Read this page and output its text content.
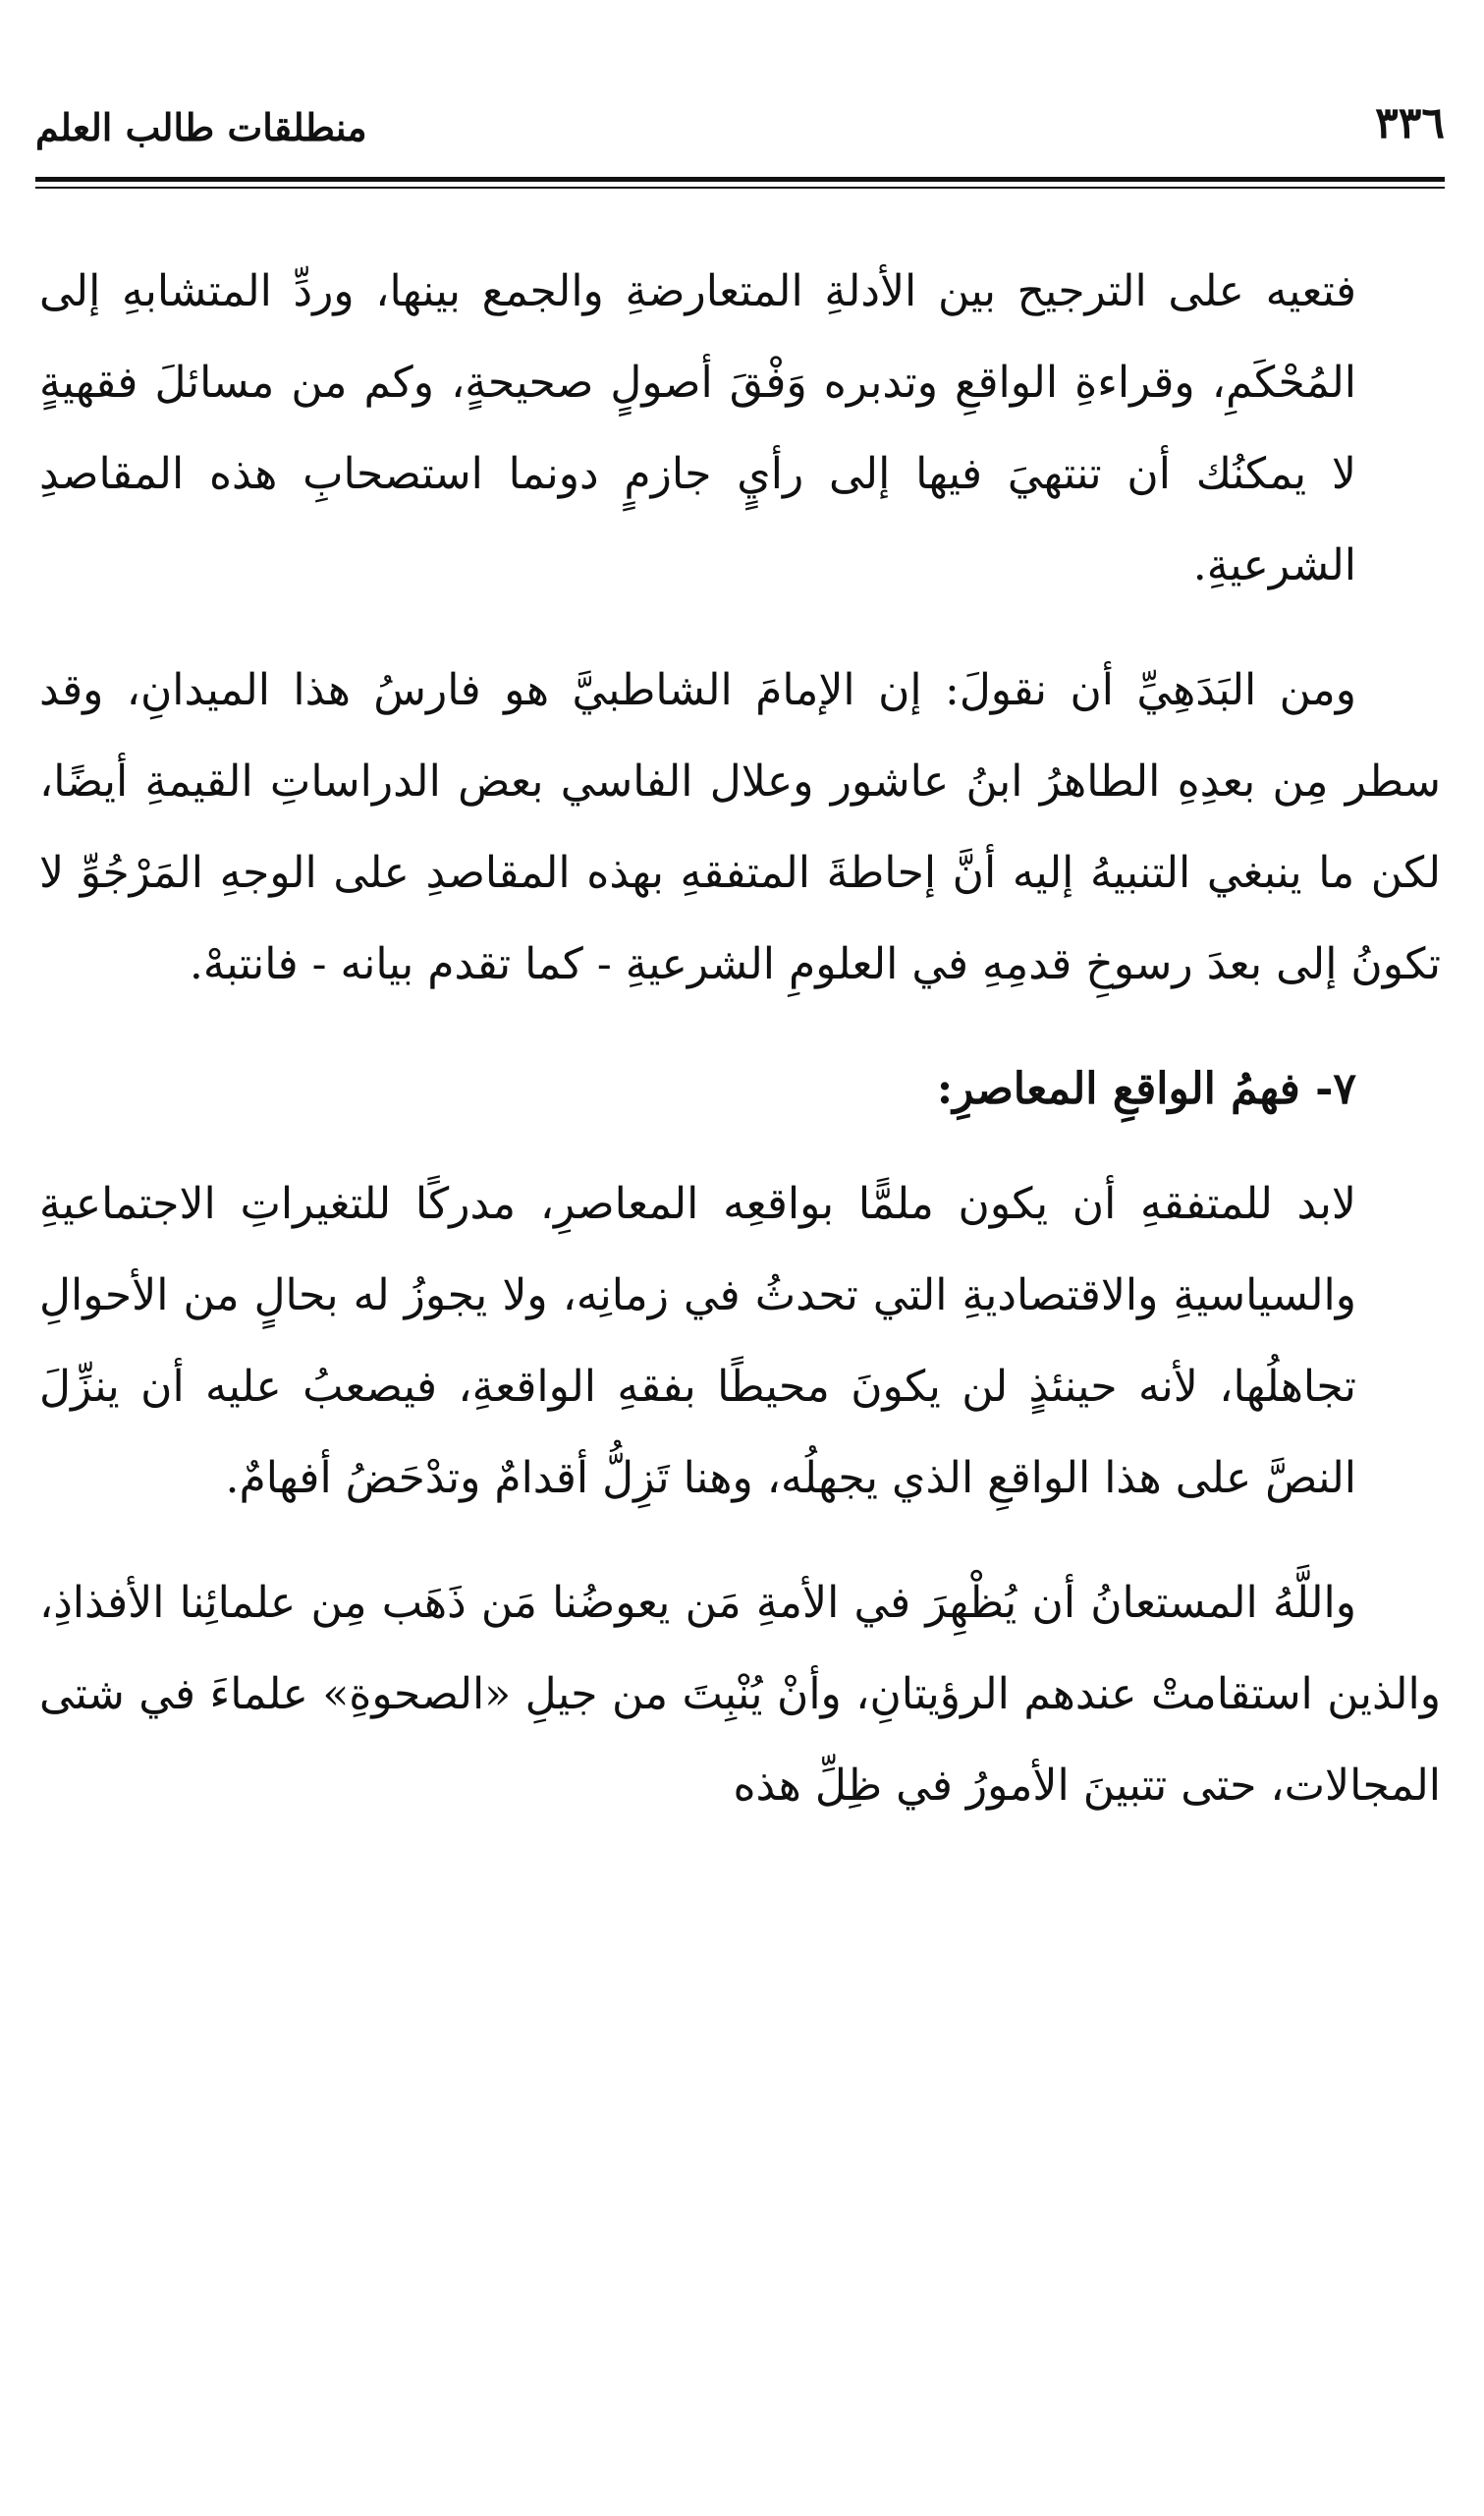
٣٣٦
منطلقات طالب العلم

فتعيه على الترجيح بين الأدلةِ المتعارضةِ والجمع بينها، وردِّ المتشابهِ إلى المُحْكَمِ، وقراءةِ الواقعِ وتدبره وَفْقَ أصولٍ صحيحةٍ، وكم من مسائلَ فقهيةٍ لا يمكنُك أن تنتهيَ فيها إلى رأيٍ جازمٍ دونما استصحابِ هذه المقاصدِ الشرعيةِ.

ومن البَدَهِيِّ أن نقولَ: إن الإمامَ الشاطبيَّ هو فارسُ هذا الميدانِ، وقد سطر مِن بعدِهِ الطاهرُ ابنُ عاشور وعلال الفاسي بعض الدراساتِ القيمةِ أيضًا، لكن ما ينبغي التنبيهُ إليه أنَّ إحاطةَ المتفقهِ بهذه المقاصدِ على الوجهِ المَرْجُوِّ لا تكونُ إلى بعدَ رسوخِ قدمِهِ في العلومِ الشرعيةِ - كما تقدم بيانه - فانتبهْ.

٧- فهمُ الواقعِ المعاصرِ:

لابد للمتفقهِ أن يكون ملمًّا بواقعِه المعاصرِ، مدركًا للتغيراتِ الاجتماعيةِ والسياسيةِ والاقتصاديةِ التي تحدثُ في زمانِه، ولا يجوزُ له بحالٍ من الأحوالِ تجاهلُها، لأنه حينئذٍ لن يكونَ محيطًا بفقهِ الواقعةِ، فيصعبُ عليه أن ينزِّلَ النصَّ على هذا الواقعِ الذي يجهلُه، وهنا تَزِلُّ أقدامٌ وتدْحَضُ أفهامٌ.

واللَّهُ المستعانُ أن يُظْهِرَ في الأمةِ مَن يعوضُنا مَن ذَهَب مِن علمائِنا الأفذاذِ، والذين استقامتْ عندهم الرؤيتانِ، وأنْ يُنْبِتَ من جيلِ «الصحوةِ» علماءَ في شتى المجالات، حتى تتبينَ الأمورُ في ظِلِّ هذه
